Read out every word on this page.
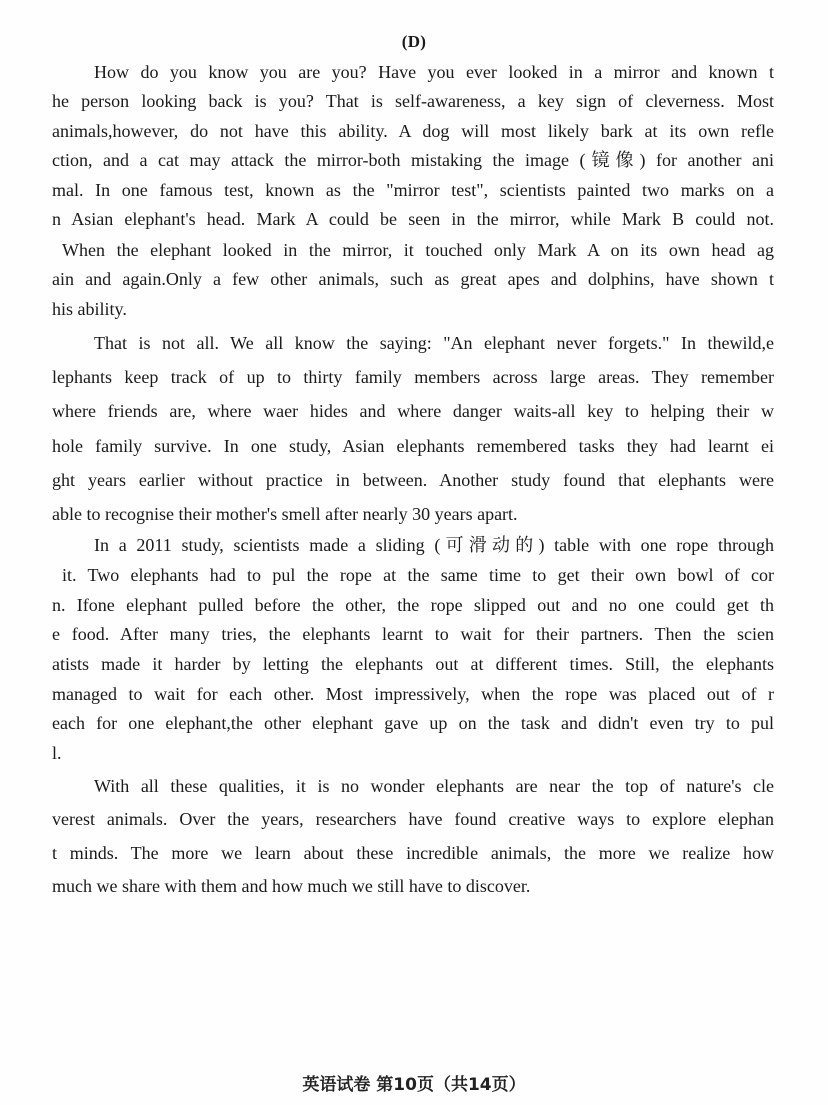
(D)
How do you know you are you? Have you ever looked in a mirror and known t
he person looking back is you? That is self-awareness, a key sign of cleverness. Most
animals,however, do not have this ability. A dog will most likely bark at its own refle
ction, and a cat may attack the mirror-both mistaking the image (镜像) for another ani
mal. In one famous test, known as the "mirror test", scientists painted two marks on a
n Asian elephant's head. Mark A could be seen in the mirror, while Mark B could not.
When the elephant looked in the mirror, it touched only Mark A on its own head ag
ain and again.Only a few other animals, such as great apes and dolphins, have shown t
his ability.
That is not all. We all know the saying: "An elephant never forgets." In thewild,e
lephants keep track of up to thirty family members across large areas. They remember
where friends are, where waer hides and where danger waits-all key to helping their w
hole family survive. In one study, Asian elephants remembered tasks they had learnt ei
ght years earlier without practice in between. Another study found that elephants were
able to recognise their mother's smell after nearly 30 years apart.
In a 2011 study, scientists made a sliding (可滑动的) table with one rope through
it. Two elephants had to pul the rope at the same time to get their own bowl of cor
n. Ifone elephant pulled before the other, the rope slipped out and no one could get th
e food. After many tries, the elephants learnt to wait for their partners. Then the scien
atists made it harder by letting the elephants out at different times. Still, the elephants
managed to wait for each other. Most impressively, when the rope was placed out of r
each for one elephant,the other elephant gave up on the task and didn't even try to pul
l.
With all these qualities, it is no wonder elephants are near the top of nature's cle
verest animals. Over the years, researchers have found creative ways to explore elephan
t minds. The more we learn about these incredible animals, the more we realize how
much we share with them and how much we still have to discover.
英语试卷 第10页（共14页）
